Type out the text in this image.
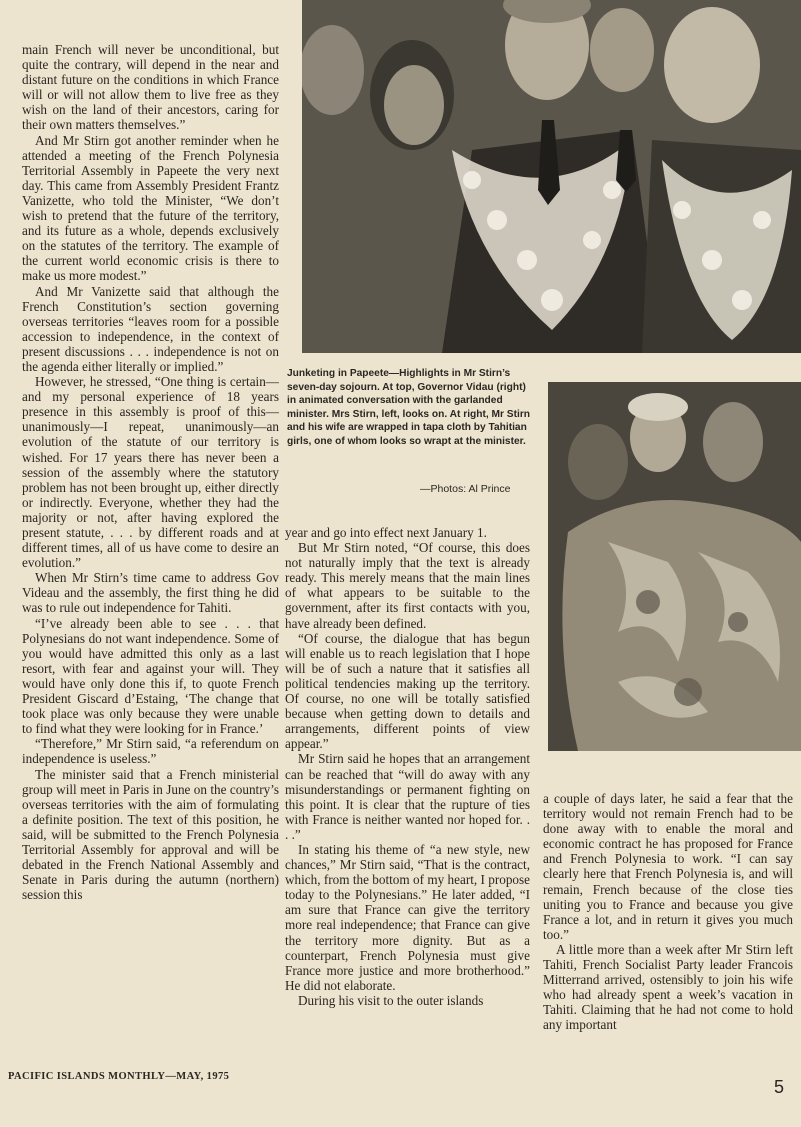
main French will never be unconditional, but quite the contrary, will depend in the near and distant future on the conditions in which France will or will not allow them to live free as they wish on the land of their ancestors, caring for their own matters themselves.”

And Mr Stirn got another reminder when he attended a meeting of the French Polynesia Territorial Assembly in Papeete the very next day. This came from Assembly President Frantz Vanizette, who told the Minister, “We don’t wish to pretend that the future of the territory, and its future as a whole, depends exclusively on the statutes of the territory. The example of the current world economic crisis is there to make us more modest.”

And Mr Vanizette said that although the French Constitution’s section governing overseas territories “leaves room for a possible accession to independence, in the context of present discussions . . . independence is not on the agenda either literally or implied.”

However, he stressed, “One thing is certain—and my personal experience of 18 years presence in this assembly is proof of this—unanimously—I repeat, unanimously—an evolution of the statute of our territory is wished. For 17 years there has never been a session of the assembly where the statutory problem has not been brought up, either directly or indirectly. Everyone, whether they had the majority or not, after having explored the present statute, . . . by different roads and at different times, all of us have come to desire an evolution.”

When Mr Stirn’s time came to address Gov Videau and the assembly, the first thing he did was to rule out independence for Tahiti.

“I’ve already been able to see . . . that Polynesians do not want independence. Some of you would have admitted this only as a last resort, with fear and against your will. They would have only done this if, to quote French President Giscard d’Estaing, ‘The change that took place was only because they were unable to find what they were looking for in France.’

“Therefore,” Mr Stirn said, “a referendum on independence is useless.”

The minister said that a French ministerial group will meet in Paris in June on the country’s overseas territories with the aim of formulating a definite position. The text of this position, he said, will be submitted to the French Polynesia Territorial Assembly for approval and will be debated in the French National Assembly and Senate in Paris during the autumn (northern) session this

Junketing in Papeete—Highlights in Mr Stirn’s seven-day sojourn. At top, Governor Vidau (right) in animated conversation with the garlanded minister. Mrs Stirn, left, looks on. At right, Mr Stirn and his wife are wrapped in tapa cloth by Tahitian girls, one of whom looks so wrapt at the minister.
—Photos: Al Prince

year and go into effect next January 1.

But Mr Stirn noted, “Of course, this does not naturally imply that the text is already ready. This merely means that the main lines of what appears to be suitable to the government, after its first contacts with you, have already been defined.

“Of course, the dialogue that has begun will enable us to reach legislation that I hope will be of such a nature that it satisfies all political tendencies making up the territory. Of course, no one will be totally satisfied because when getting down to details and arrangements, different points of view appear.”

Mr Stirn said he hopes that an arrangement can be reached that “will do away with any misunderstandings or permanent fighting on this point. It is clear that the rupture of ties with France is neither wanted nor hoped for. . . .”

In stating his theme of “a new style, new chances,” Mr Stirn said, “That is the contract, which, from the bottom of my heart, I propose today to the Polynesians.” He later added, “I am sure that France can give the territory more real independence; that France can give the territory more dignity. But as a counterpart, French Polynesia must give France more justice and more brotherhood.” He did not elaborate.

During his visit to the outer islands

a couple of days later, he said a fear that the territory would not remain French had to be done away with to enable the moral and economic contract he has proposed for France and French Polynesia to work. “I can say clearly here that French Polynesia is, and will remain, French because of the close ties uniting you to France and because you give France a lot, and in return it gives you much too.”

A little more than a week after Mr Stirn left Tahiti, French Socialist Party leader Francois Mitterrand arrived, ostensibly to join his wife who had already spent a week’s vacation in Tahiti. Claiming that he had not come to hold any important

PACIFIC ISLANDS MONTHLY—MAY, 1975
5
